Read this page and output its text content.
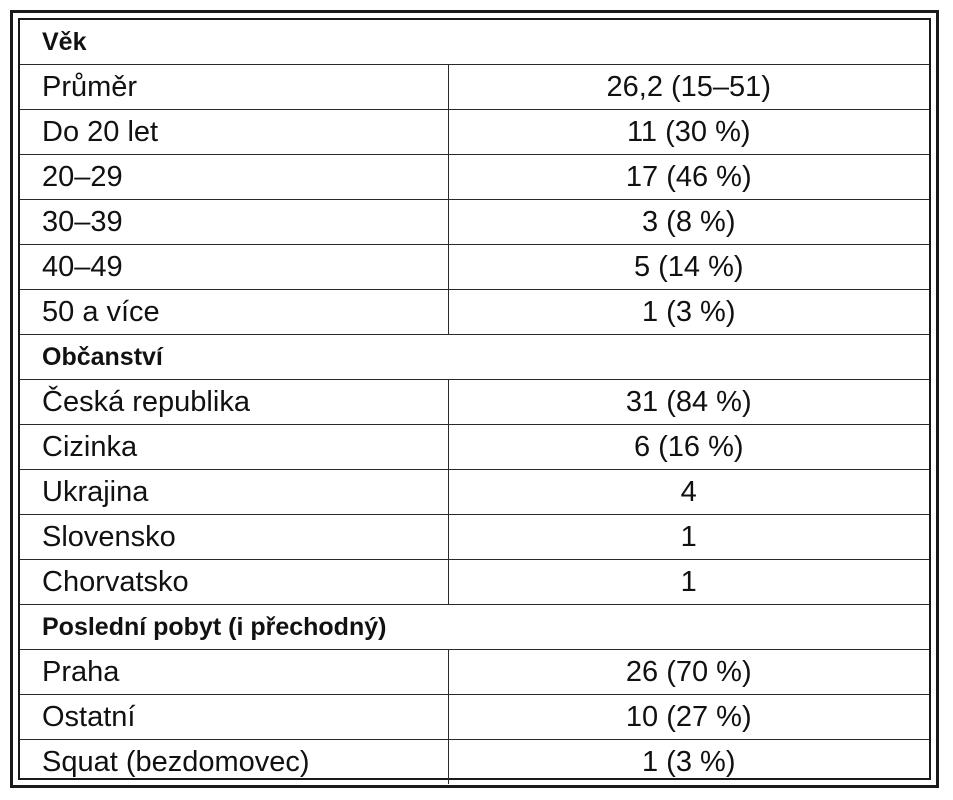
Věk	
Průměr	26,2 (15–51)
Do 20 let	11 (30 %)
20–29	17 (46 %)
30–39	3 (8 %)
40–49	5 (14 %)
50 a více	1 (3 %)
Občanství	
Česká republika	31 (84 %)
Cizinka	6 (16 %)
Ukrajina	4
Slovensko	1
Chorvatsko	1
Poslední pobyt (i přechodný)	
Praha	26 (70 %)
Ostatní	10 (27 %)
Squat (bezdomovec)	1 (3 %)
